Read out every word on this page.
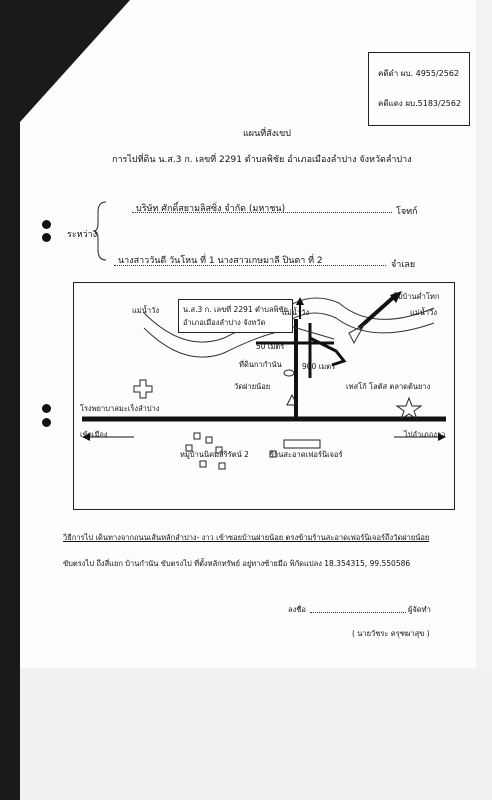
คดีดำ ผบ. 4955/2562
คดีแดง ผบ.5183/2562
แผนที่สังเขป
การไปที่ดิน น.ส.3 ก. เลขที่ 2291 ตำบลพิชัย อำเภอเมืองลำปาง จังหวัดลำปาง
ระหว่าง
บริษัท ศักดิ์สยามลิสซิ่ง จำกัด (มหาชน)	โจทก์
นางสาววันดี วันโหน ที่ 1 นางสาวเกษมาลี ปินตา ที่ 2	จำเลย
น.ส.3 ก. เลขที่ 2291 ตำบลพิชัย
อำเภอเมืองลำปาง จังหวัด
แม่น้ำวัง	แม่น้ำวัง	แม่น้ำวัง
ไปบ้านค่ำโทก
50 เมตร
900 เมตร
ที่ดินกากำนัน
วัดฝายน้อย	เทสโก้ โลตัส ตลาดต้นยาง
โรงพยาบาลมะเร็งลำปาง
เข้าเมือง	ไปอำเภองาว
หมู่บ้านนิคมสิริรัตน์ 2	ร้านสะอาดเฟอร์นิเจอร์
วิธีการไป เดินทางจากถนนเส้นหลักลำปาง- งาว เข้าซอยบ้านฝายน้อย ตรงข้ามร้านสะอาดเฟอร์นิเจอร์ถึงวัดฝายน้อย
ขับตรงไป ถึงสี่แยก บ้านกำนัน ขับตรงไป ที่ตั้งหลักทรัพย์ อยู่ทางซ้ายมือ พิกัดแปลง 18.354315, 99.550586
ลงชื่อ	ผู้จัดทำ
( นายวัชระ ครุฑผาสุข )
